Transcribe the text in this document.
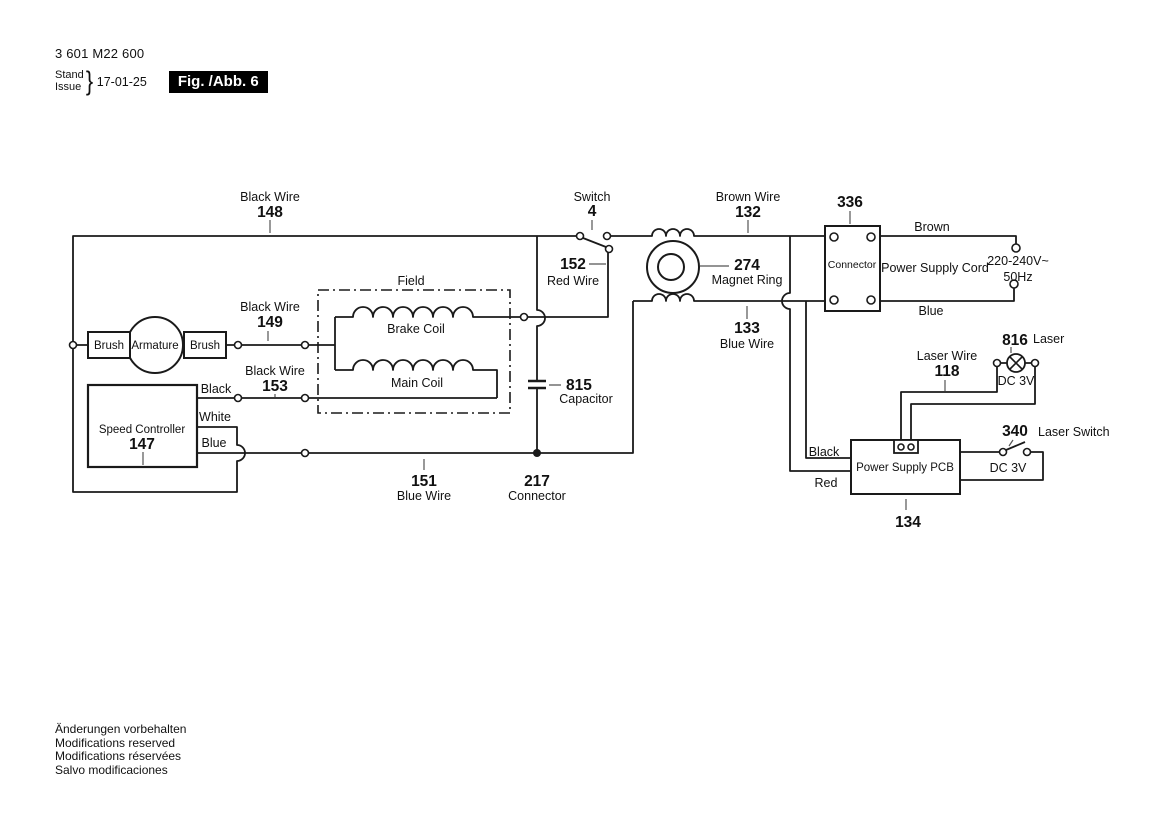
3 601 M22 600
Stand
Issue } 17-01-25	Fig. /Abb. 6
Black Wire
148
Switch
4
Brown Wire
132
336
Connector
Brown
Power Supply Cord
220-240V~
50Hz
Blue
152
Red Wire
274
Magnet Ring
133
Blue Wire
Black Wire
149
Field
Brake Coil
Main Coil
Black Wire
153
Black
White
Blue
Speed Controller
147
Capacitor
151
Blue Wire
217
Connector
Laser Wire
118
816
DC 3V
340
DC 3V
Power Supply PCB
134
Black
Red
Brush Armature Brush
815
Laser
Laser Switch
Änderungen vorbehalten
Modifications reserved
Modifications réservées
Salvo modificaciones
